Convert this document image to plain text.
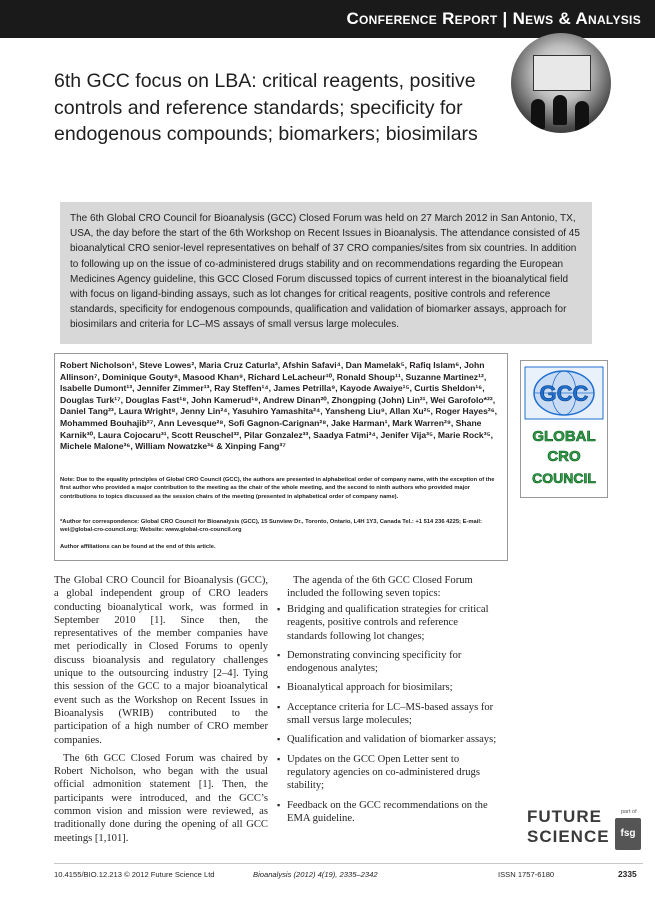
Conference Report | News & Analysis
6th GCC focus on LBA: critical reagents, positive controls and reference standards; specificity for endogenous compounds; biomarkers; biosimilars
The 6th Global CRO Council for Bioanalysis (GCC) Closed Forum was held on 27 March 2012 in San Antonio, TX, USA, the day before the start of the 6th Workshop on Recent Issues in Bioanalysis. The attendance consisted of 45 bioanalytical CRO senior-level representatives on behalf of 37 CRO companies/sites from six countries. In addition to following up on the issue of co-administered drugs stability and on recommendations regarding the European Medicines Agency guideline, this GCC Closed Forum discussed topics of current interest in the bioanalytical field with focus on ligand-binding assays, such as lot changes for critical reagents, positive controls and reference standards, specificity for endogenous compounds, qualification and validation of biomarker assays, approach for biosimilars and criteria for LC–MS assays of small versus large molecules.
Robert Nicholson¹, Steve Lowes², Maria Cruz Caturla³, Afshin Safavi⁴, Dan Mamelak⁵, Rafiq Islam⁶, John Allinson⁷, Dominique Gouty⁸, Masood Khan⁹, Richard LeLacheur¹⁰, Ronald Shoup¹¹, Suzanne Martinez¹², Isabelle Dumont¹³, Jennifer Zimmer¹³, Ray Steffen¹⁴, James Petrilla⁹, Kayode Awaiye¹⁵, Curtis Sheldon¹⁶, Douglas Turk¹⁷, Douglas Fast¹⁸, John Kamerud¹⁹, Andrew Dinan²⁰, Zhongping (John) Lin²¹, Wei Garofolo*²², Daniel Tang²³, Laura Wright⁸, Jenny Lin²⁴, Yasuhiro Yamashita²⁴, Yansheng Liu⁹, Allan Xu²⁵, Roger Hayes²⁶, Mohammed Bouhajib²⁷, Ann Levesque²⁸, Sofi Gagnon-Carignan²⁸, Jake Harman¹, Mark Warren²⁹, Shane Karnik³⁰, Laura Cojocaru³¹, Scott Reuschel³², Pilar Gonzalez³³, Saadya Fatmi³⁴, Jenifer Vija³⁵, Marie Rock³⁵, Michele Malone³⁶, William Nowatzke³⁶ & Xinping Fang³⁷
Note: Due to the equality principles of Global CRO Council (GCC), the authors are presented in alphabetical order of company name, with the exception of the first author who provided a major contribution to the meeting as the chair of the whole meeting, and the second to ninth authors who provided major contributions to topics discussed as the session chairs of the meeting (presented in alphabetical order of company name).
*Author for correspondence: Global CRO Council for Bioanalysis (GCC), 15 Sunview Dr., Toronto, Ontario, L4H 1Y3, Canada Tel.: +1 514 236 4225; E-mail: wei@global-cro-council.org; Website: www.global-cro-council.org
Author affiliations can be found at the end of this article.
GCC
GLOBAL
CRO
COUNCIL

The Global CRO Council for Bioanalysis (GCC), a global independent group of CRO leaders conducting bioanalytical work, was formed in September 2010 [1]. Since then, the representatives of the member companies have met periodically in Closed Forums to openly discuss bioanalysis and regulatory challenges unique to the outsourcing industry [2–4]. Tying this session of the GCC to a major bioanalytical event such as the Workshop on Recent Issues in Bioanalysis (WRIB) contributed to the participation of a high number of CRO member companies.

The 6th GCC Closed Forum was chaired by Robert Nicholson, who began with the usual official admonition statement [1]. Then, the participants were introduced, and the GCC’s common vision and mission were reviewed, as traditionally done during the opening of all GCC meetings [1,101].

The agenda of the 6th GCC Closed Forum included the following seven topics:
▪ Bridging and qualification strategies for critical reagents, positive controls and reference standards following lot changes;
▪ Demonstrating convincing specificity for endogenous analytes;
▪ Bioanalytical approach for biosimilars;
▪ Acceptance criteria for LC–MS-based assays for small versus large molecules;
▪ Qualification and validation of biomarker assays;
▪ Updates on the GCC Open Letter sent to regulatory agencies on co-administered drugs stability;
▪ Feedback on the GCC recommendations on the EMA guideline.	FUTURE
SCIENCE
part of
fsg
10.4155/BIO.12.213 © 2012 Future Science Ltd	Bioanalysis (2012) 4(19), 2335–2342	ISSN 1757-6180	2335
